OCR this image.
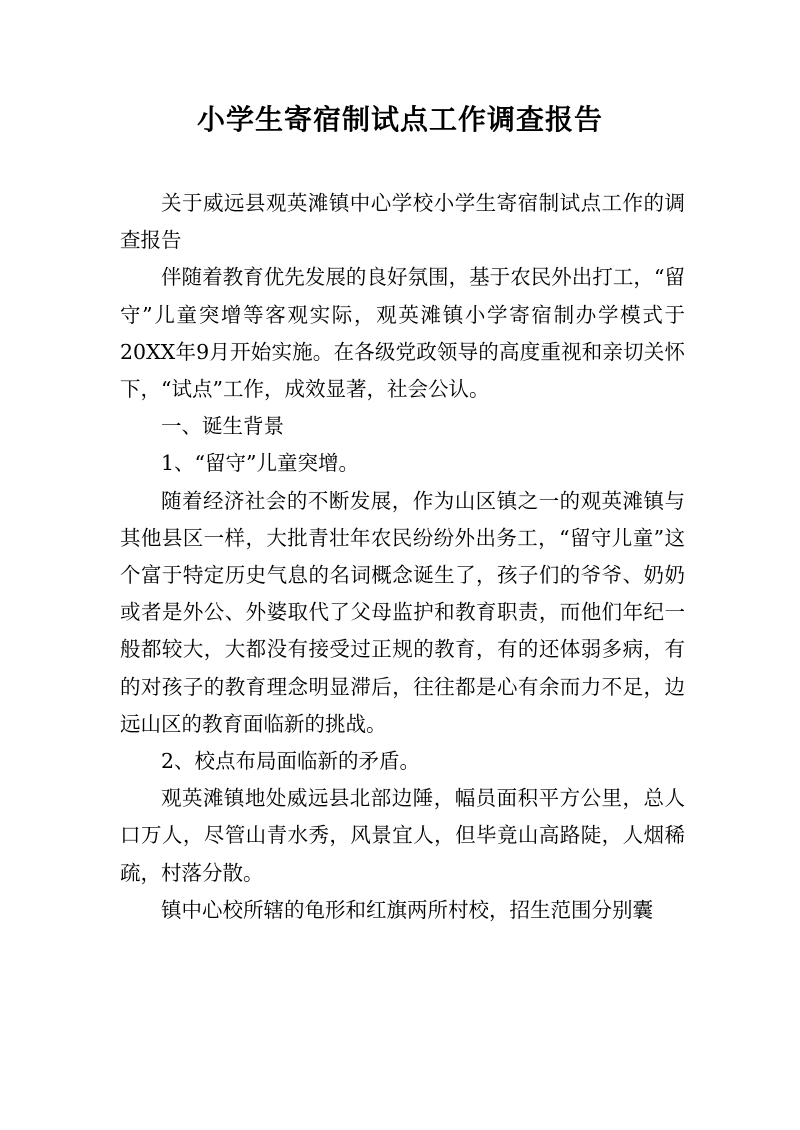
小学生寄宿制试点工作调查报告

关于威远县观英滩镇中心学校小学生寄宿制试点工作的调查报告

伴随着教育优先发展的良好氛围，基于农民外出打工，“留守”儿童突增等客观实际，观英滩镇小学寄宿制办学模式于20XX年9月开始实施。在各级党政领导的高度重视和亲切关怀下，“试点”工作，成效显著，社会公认。

一、诞生背景

1、“留守”儿童突增。

随着经济社会的不断发展，作为山区镇之一的观英滩镇与其他县区一样，大批青壮年农民纷纷外出务工，“留守儿童”这个富于特定历史气息的名词概念诞生了，孩子们的爷爷、奶奶或者是外公、外婆取代了父母监护和教育职责，而他们年纪一般都较大，大都没有接受过正规的教育，有的还体弱多病，有的对孩子的教育理念明显滞后，往往都是心有余而力不足，边远山区的教育面临新的挑战。

2、校点布局面临新的矛盾。

观英滩镇地处威远县北部边陲，幅员面积平方公里，总人口万人，尽管山青水秀，风景宜人，但毕竟山高路陡，人烟稀疏，村落分散。

镇中心校所辖的龟形和红旗两所村校，招生范围分别囊
